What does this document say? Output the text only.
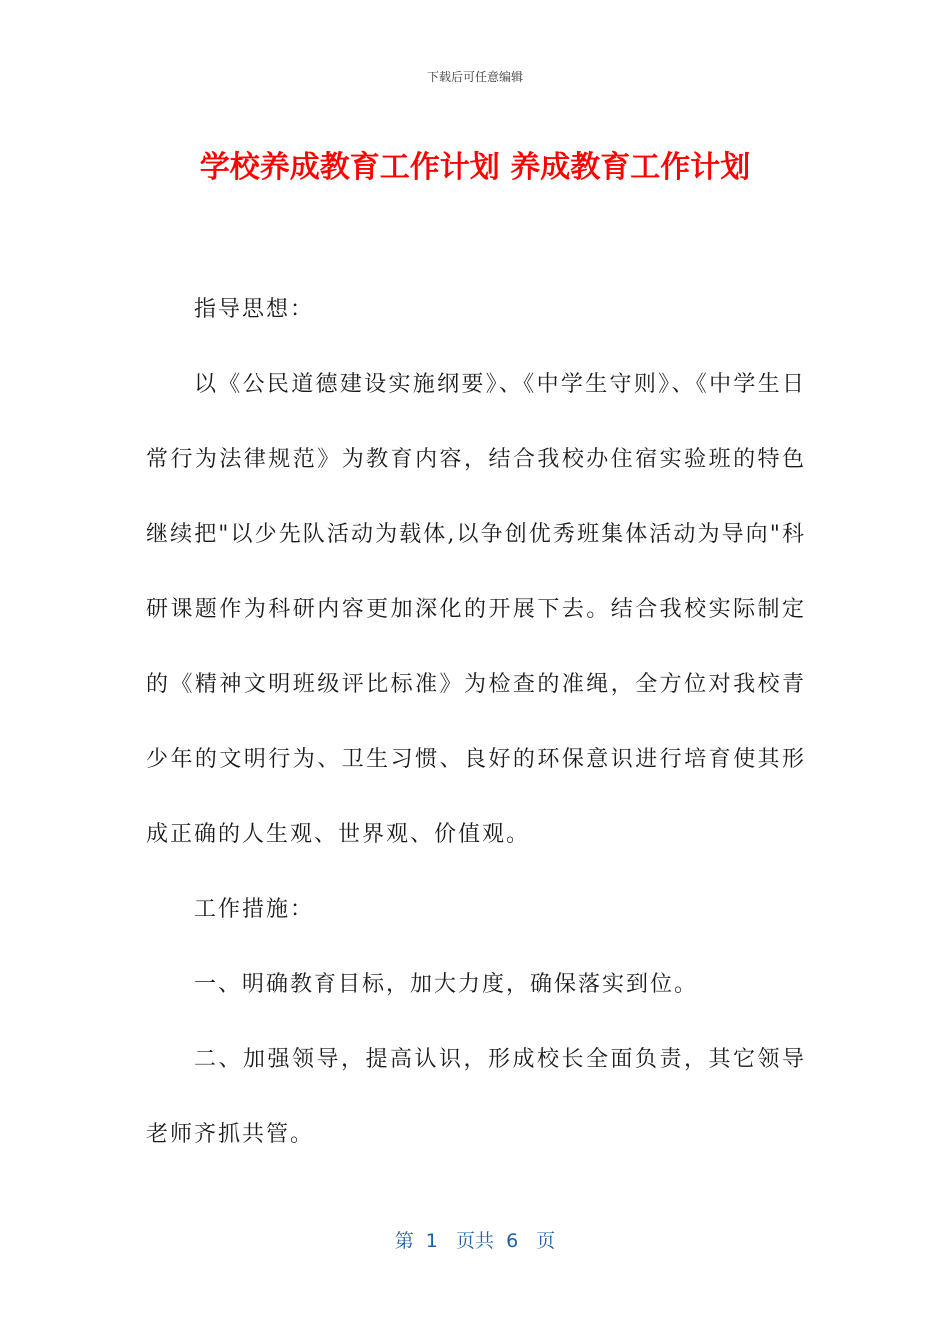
下载后可任意编辑
学校养成教育工作计划 养成教育工作计划

指导思想：

以《公民道德建设实施纲要》、《中学生守则》、《中学生日常行为法律规范》为教育内容，结合我校办住宿实验班的特色继续把"以少先队活动为载体,以争创优秀班集体活动为导向"科研课题作为科研内容更加深化的开展下去。结合我校实际制定的《精神文明班级评比标准》为检查的准绳，全方位对我校青少年的文明行为、卫生习惯、良好的环保意识进行培育使其形成正确的人生观、世界观、价值观。

工作措施：

一、明确教育目标，加大力度，确保落实到位。

二、加强领导，提高认识，形成校长全面负责，其它领导老师齐抓共管。

第  1   页共  6   页
